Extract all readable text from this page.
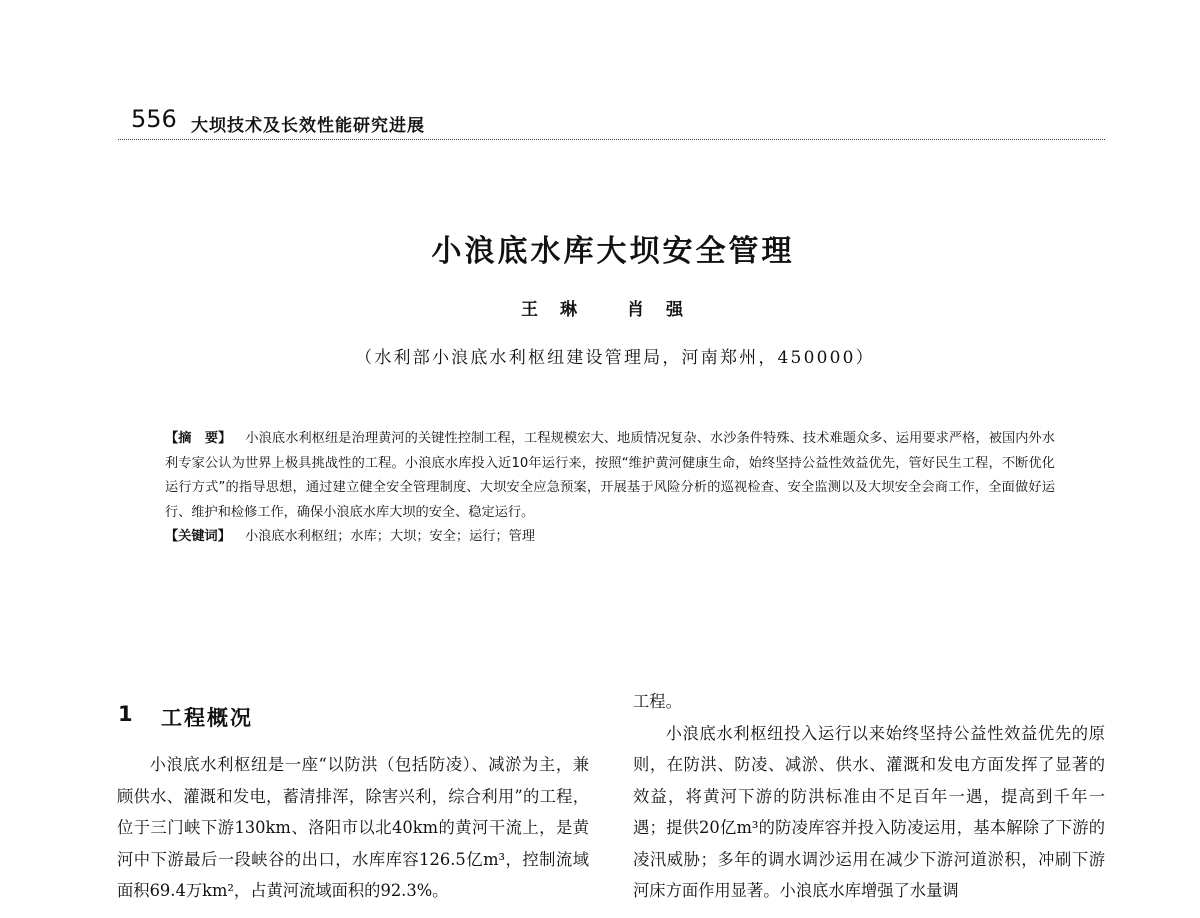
556 大坝技术及长效性能研究进展
小浪底水库大坝安全管理
王琳 肖强
（水利部小浪底水利枢纽建设管理局，河南郑州，450000）

【摘　要】 小浪底水利枢纽是治理黄河的关键性控制工程，工程规模宏大、地质情况复杂、水沙条件特殊、技术难题众多、运用要求严格，被国内外水利专家公认为世界上极具挑战性的工程。小浪底水库投入近10年运行来，按照“维护黄河健康生命，始终坚持公益性效益优先，管好民生工程，不断优化运行方式”的指导思想，通过建立健全安全管理制度、大坝安全应急预案，开展基于风险分析的巡视检查、安全监测以及大坝安全会商工作，全面做好运行、维护和检修工作，确保小浪底水库大坝的安全、稳定运行。

【关键词】 小浪底水利枢纽；水库；大坝；安全；运行；管理

1 工程概况

小浪底水利枢纽是一座“以防洪（包括防凌）、减淤为主，兼顾供水、灌溉和发电，蓄清排浑，除害兴利，综合利用”的工程，位于三门峡下游130km、洛阳市以北40km的黄河干流上，是黄河中下游最后一段峡谷的出口，水库库容126.5亿m³，控制流域面积69.4万km²，占黄河流域面积的92.3%。

工程。

小浪底水利枢纽投入运行以来始终坚持公益性效益优先的原则，在防洪、防凌、减淤、供水、灌溉和发电方面发挥了显著的效益，将黄河下游的防洪标准由不足百年一遇，提高到千年一遇；提供20亿m³的防凌库容并投入防凌运用，基本解除了下游的凌汛威胁；多年的调水调沙运用在减少下游河道淤积，冲刷下游河床方面作用显著。小浪底水库增强了水量调
